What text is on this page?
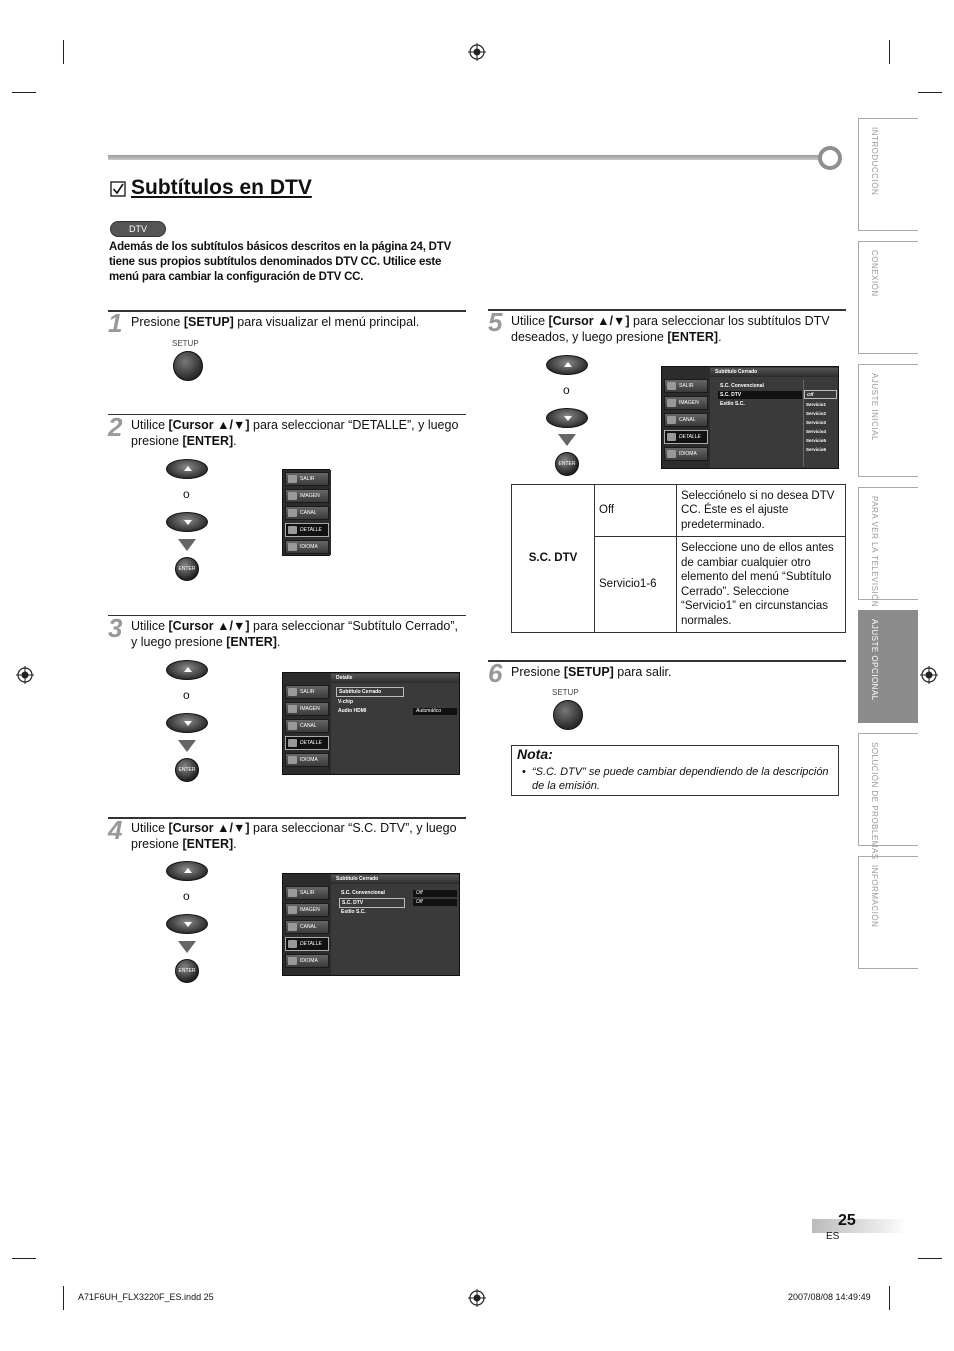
Subtítulos en DTV
DTV
Además de los subtítulos básicos descritos en la página 24, DTV tiene sus propios subtítulos denominados DTV CC. Utilice este menú para cambiar la configuración de DTV CC.
1 Presione [SETUP] para visualizar el menú principal.
SETUP
2 Utilice [Cursor ▲/▼] para seleccionar “DETALLE”, y luego presione [ENTER].
o
ENTER
SALIR
IMAGEN
CANAL
DETALLE
IDIOMA
3 Utilice [Cursor ▲/▼] para seleccionar “Subtítulo Cerrado”, y luego presione [ENTER].
o
ENTER
SALIR
IMAGEN
CANAL
DETALLE
IDIOMA
Detalle
Subtítulo Cerrado
V-chip
Audio HDMI	Automático
4 Utilice [Cursor ▲/▼] para seleccionar “S.C. DTV”, y luego presione [ENTER].
o
ENTER
SALIR
IMAGEN
CANAL
DETALLE
IDIOMA
Subtítulo Cerrado
S.C. Convencional
S.C. DTV
Estilo S.C.
Off
Off
5 Utilice [Cursor ▲/▼] para seleccionar los subtítulos DTV deseados, y luego presione [ENTER].
o
ENTER
SALIR
IMAGEN
CANAL
DETALLE
IDIOMA
Subtítulo Cerrado
S.C. Convencional
S.C. DTV
Estilo S.C.
Off
Servicio1
Servicio2
Servicio3
Servicio4
Servicio5
Servicio6
S.C. DTV	Off	Selecciónelo si no desea DTV CC. Éste es el ajuste predeterminado.
	Servicio1-6	Seleccione uno de ellos antes de cambiar cualquier otro elemento del menú “Subtítulo Cerrado”. Seleccione “Servicio1” en circunstancias normales.
6 Presione [SETUP] para salir.
SETUP
Nota:
• “S.C. DTV” se puede cambiar dependiendo de la descripción de la emisión.
INTRODUCCIÓN
CONEXIÓN
AJUSTE INICIAL
PARA VER LA TELEVISIÓN
AJUSTE OPCIONAL
SOLUCIÓN DE PROBLEMAS
INFORMACIÓN
25
ES
A71F6UH_FLX3220F_ES.indd 25	2007/08/08 14:49:49
